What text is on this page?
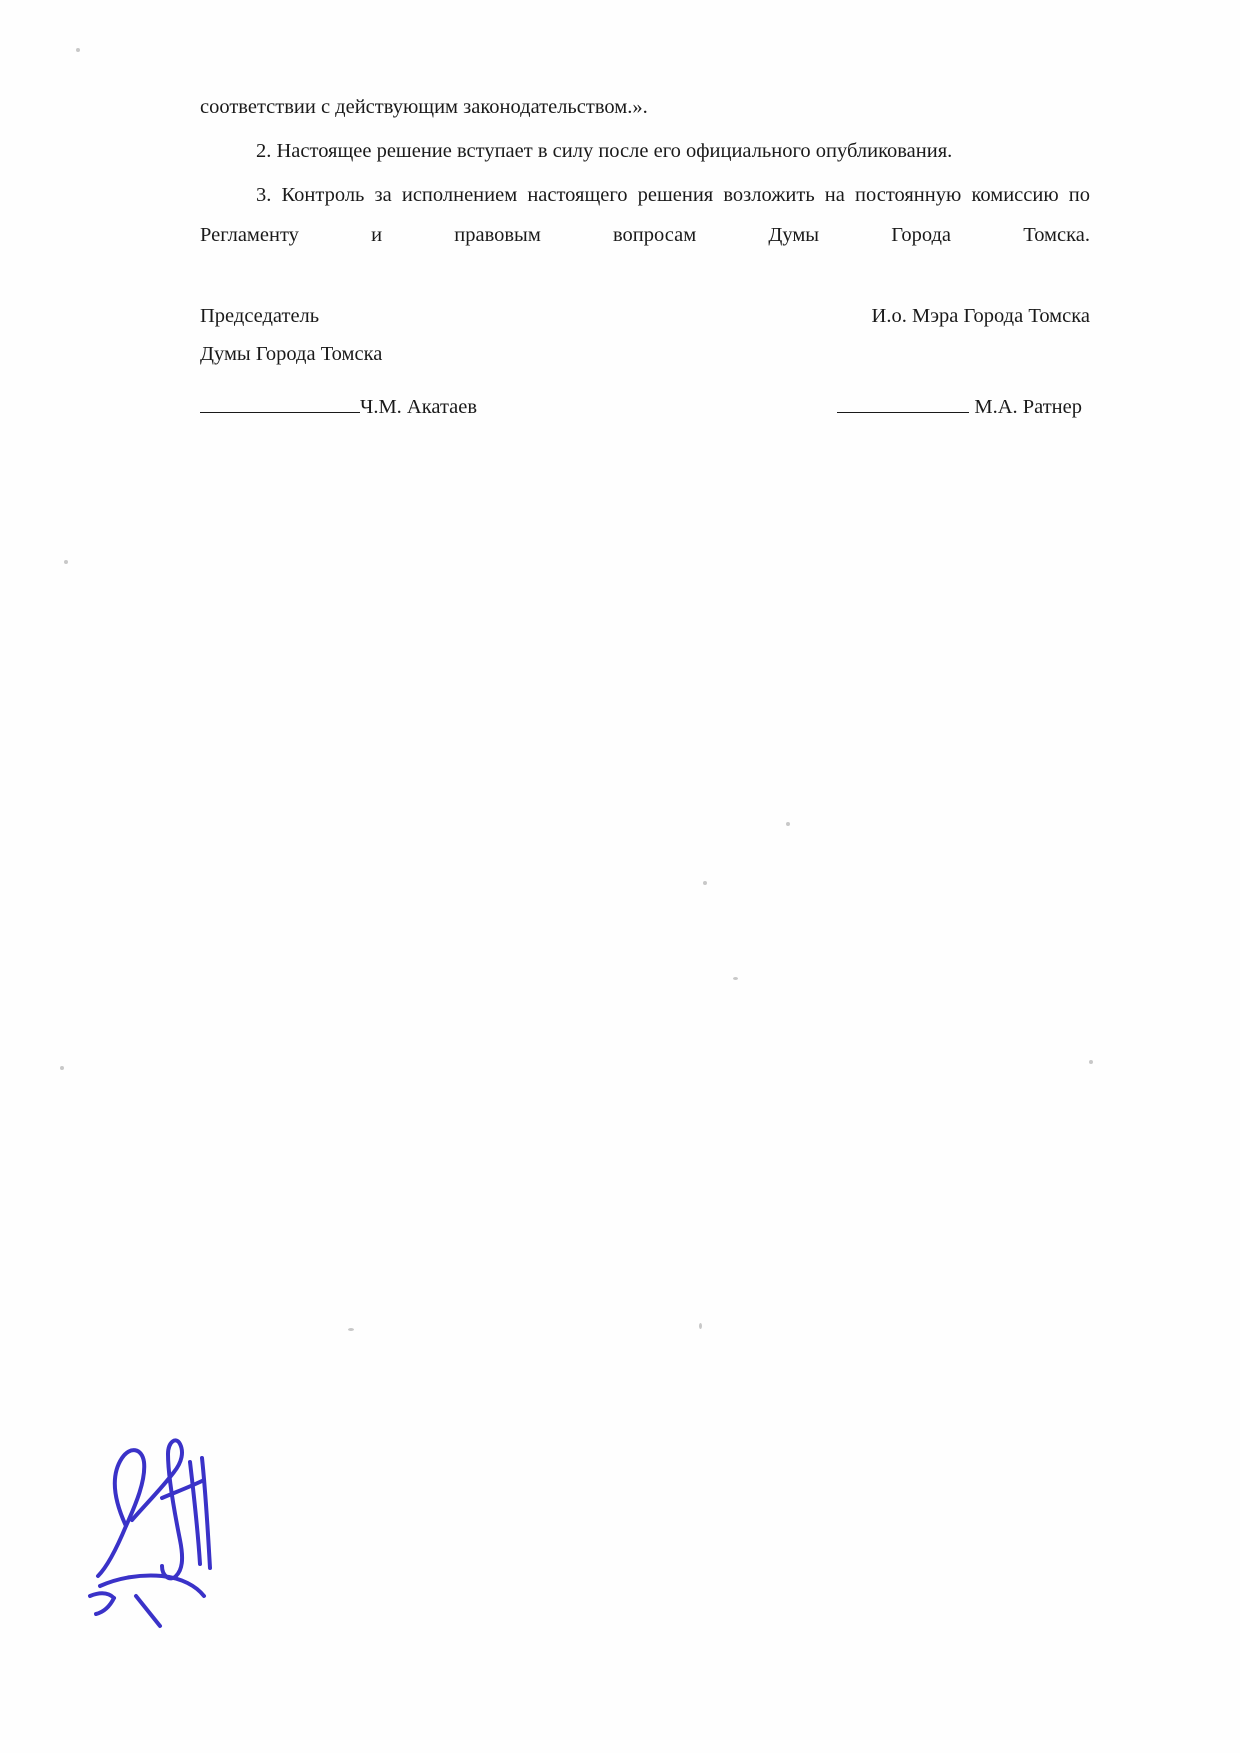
соответствии с действующим законодательством.».

2. Настоящее решение вступает в силу после его официального опубликования.

3. Контроль за исполнением настоящего решения возложить на постоянную комиссию по Регламенту и правовым вопросам Думы Города Томска.

Председатель
Думы Города Томска
И.о. Мэра Города Томска
Ч.М. Акатаев	М.А. Ратнер
